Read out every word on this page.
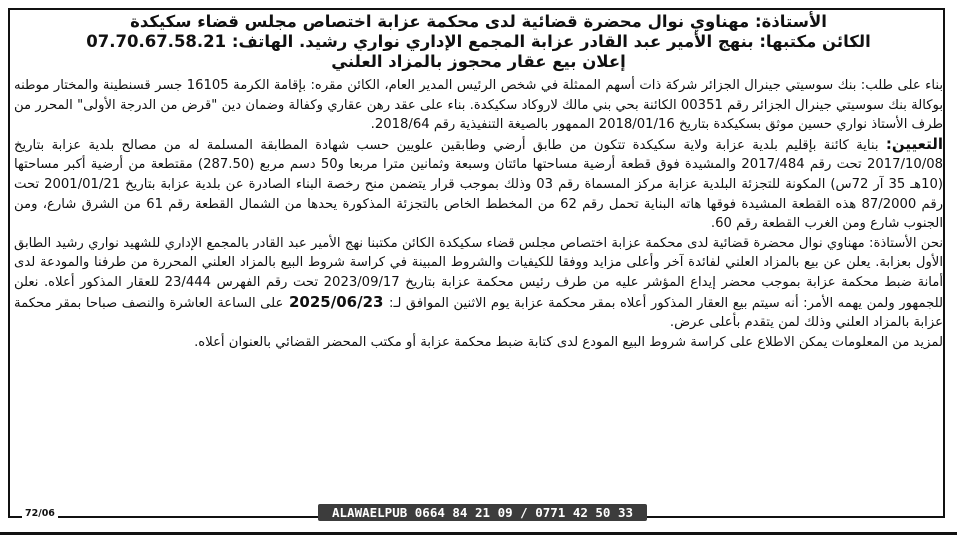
الأستاذة: مهناوي نوال محضرة قضائية لدى محكمة عزابة اختصاص مجلس قضاء سكيكدة

الكائن مكتبها: بنهج الأمير عبد القادر عزابة المجمع الإداري نواري رشيد. الهاتف: 07.70.67.58.21

إعلان بيع عقار محجوز بالمزاد العلني

بناء على طلب: بنك سوسيتي جينرال الجزائر شركة ذات أسهم الممثلة في شخص الرئيس المدير العام، الكائن مقره: بإقامة الكرمة 16105 جسر قسنطينة والمختار موطنه بوكالة بنك سوسيتي جينرال الجزائر رقم 00351 الكائنة بحي بني مالك لاروكاد سكيكدة. بناء على عقد رهن عقاري وكفالة وضمان دين "قرض من الدرجة الأولى" المحرر من طرف الأستاذ نواري حسين موثق بسكيكدة بتاريخ 2018/01/16 الممهور بالصيغة التنفيذية رقم 2018/64.

التعيين: بناية كائنة بإقليم بلدية عزابة ولاية سكيكدة تتكون من طابق أرضي وطابقين علويين حسب شهادة المطابقة المسلمة له من مصالح بلدية عزابة بتاريخ 2017/10/08 تحت رقم 2017/484 والمشيدة فوق قطعة أرضية مساحتها مائتان وسبعة وثمانين مترا مربعا و50 دسم مربع (287.50) مقتطعة من أرضية أكبر مساحتها (10هـ 35 آر 72س) المكونة للتجزئة البلدية عزابة مركز المسماة رقم 03 وذلك بموجب قرار يتضمن منح رخصة البناء الصادرة عن بلدية عزابة بتاريخ 2001/01/21 تحت رقم 87/2000 هذه القطعة المشيدة فوقها هاته البناية تحمل رقم 62 من المخطط الخاص بالتجزئة المذكورة يحدها من الشمال القطعة رقم 61 من الشرق شارع، ومن الجنوب شارع ومن الغرب القطعة رقم 60.

نحن الأستاذة: مهناوي نوال محضرة قضائية لدى محكمة عزابة اختصاص مجلس قضاء سكيكدة الكائن مكتبنا نهج الأمير عبد القادر بالمجمع الإداري للشهيد نواري رشيد الطابق الأول بعزابة. يعلن عن بيع بالمزاد العلني لفائدة آخر وأعلى مزايد ووفقا للكيفيات والشروط المبينة في كراسة شروط البيع بالمزاد العلني المحررة من طرفنا والمودعة لدى أمانة ضبط محكمة عزابة بموجب محضر إيداع المؤشر عليه من طرف رئيس محكمة عزابة بتاريخ 2023/09/17 تحت رقم الفهرس 23/444 للعقار المذكور أعلاه. نعلن للجمهور ولمن يهمه الأمر: أنه سيتم بيع العقار المذكور أعلاه بمقر محكمة عزابة يوم الاثنين الموافق لـ: 2025/06/23 على الساعة العاشرة والنصف صباحا بمقر محكمة عزابة بالمزاد العلني وذلك لمن يتقدم بأعلى عرض.

لمزيد من المعلومات يمكن الاطلاع على كراسة شروط البيع المودع لدى كتابة ضبط محكمة عزابة أو مكتب المحضر القضائي بالعنوان أعلاه.

72/06	ALAWAELPUB 0664 84 21 09 / 0771 42 50 33
